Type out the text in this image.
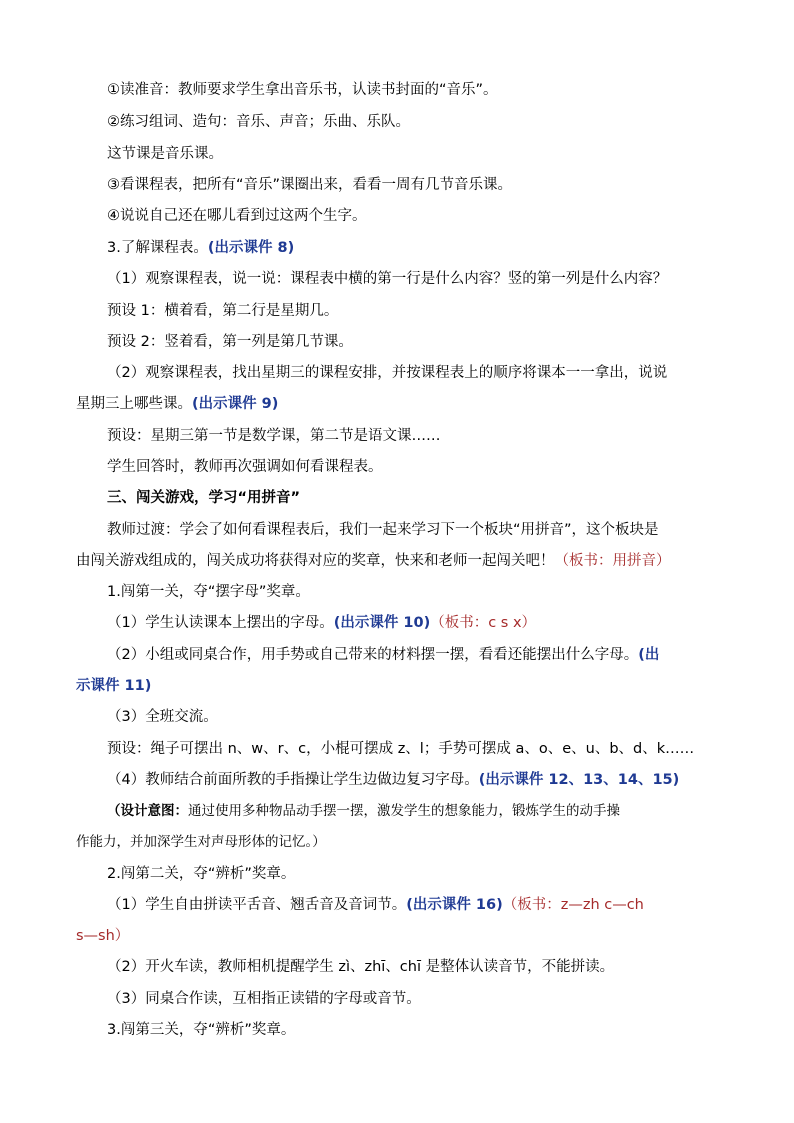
①读准音：教师要求学生拿出音乐书，认读书封面的“音乐”。
②练习组词、造句：音乐、声音；乐曲、乐队。
这节课是音乐课。
③看课程表，把所有“音乐”课圈出来，看看一周有几节音乐课。
④说说自己还在哪儿看到过这两个生字。
3.了解课程表。(出示课件 8)
（1）观察课程表，说一说：课程表中横的第一行是什么内容？竖的第一列是什么内容？
预设 1：横着看，第二行是星期几。
预设 2：竖着看，第一列是第几节课。
（2）观察课程表，找出星期三的课程安排，并按课程表上的顺序将课本一一拿出，说说
星期三上哪些课。(出示课件 9)
预设：星期三第一节是数学课，第二节是语文课……
学生回答时，教师再次强调如何看课程表。
三、闯关游戏，学习“用拼音”
教师过渡：学会了如何看课程表后，我们一起来学习下一个板块“用拼音”，这个板块是
由闯关游戏组成的，闯关成功将获得对应的奖章，快来和老师一起闯关吧！（板书：用拼音）
1.闯第一关，夺“摆字母”奖章。
（1）学生认读课本上摆出的字母。(出示课件 10)（板书：c s x）
（2）小组或同桌合作，用手势或自己带来的材料摆一摆，看看还能摆出什么字母。(出
示课件 11)
（3）全班交流。
预设：绳子可摆出 n、w、r、c，小棍可摆成 z、l；手势可摆成 a、o、e、u、b、d、k……
（4）教师结合前面所教的手指操让学生边做边复习字母。(出示课件 12、13、14、15)
（设计意图：通过使用多种物品动手摆一摆，激发学生的想象能力，锻炼学生的动手操
作能力，并加深学生对声母形体的记忆。）
2.闯第二关，夺“辨析”奖章。
（1）学生自由拼读平舌音、翘舌音及音词节。(出示课件 16)（板书：z—zh c—ch
s—sh）
（2）开火车读，教师相机提醒学生 zì、zhī、chī 是整体认读音节，不能拼读。
（3）同桌合作读，互相指正读错的字母或音节。
3.闯第三关，夺“辨析”奖章。
